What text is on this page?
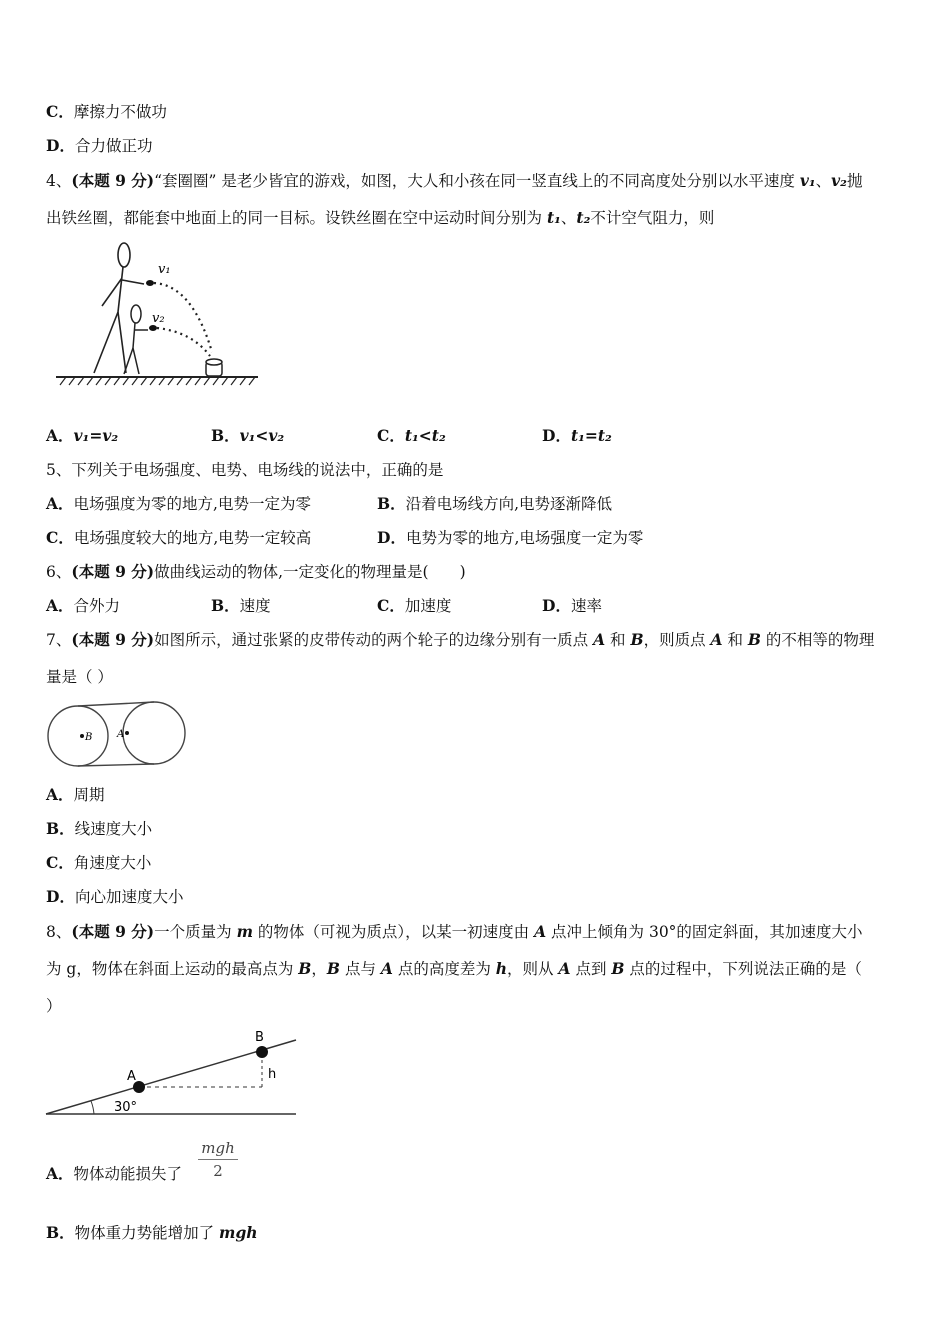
C．摩擦力不做功
D．合力做正功
4、(本题 9 分)“套圈圈” 是老少皆宜的游戏，如图，大人和小孩在同一竖直线上的不同高度处分别以水平速度 v₁、v₂抛
出铁丝圈，都能套中地面上的同一目标。设铁丝圈在空中运动时间分别为 t₁、t₂不计空气阻力，则
v₁
v₂
A．v₁=v₂	B．v₁<v₂	C．t₁<t₂	D．t₁=t₂
5、下列关于电场强度、电势、电场线的说法中，正确的是
A．电场强度为零的地方,电势一定为零	B．沿着电场线方向,电势逐渐降低
C．电场强度较大的地方,电势一定较高	D．电势为零的地方,电场强度一定为零
6、(本题 9 分)做曲线运动的物体,一定变化的物理量是(　　)
A．合外力	B．速度	C．加速度	D．速率
7、(本题 9 分)如图所示，通过张紧的皮带传动的两个轮子的边缘分别有一质点 A 和 B，则质点 A 和 B 的不相等的物理
量是（ ）
B A
A．周期
B．线速度大小
C．角速度大小
D．向心加速度大小
8、(本题 9 分)一个质量为 m 的物体（可视为质点），以某一初速度由 A 点冲上倾角为 30°的固定斜面，其加速度大小
为 g，物体在斜面上运动的最高点为 B，B 点与 A 点的高度差为 h，则从 A 点到 B 点的过程中，下列说法正确的是（
）
A
B
h
30°
A．物体动能损失了
mgh
2
B．物体重力势能增加了 mgh
